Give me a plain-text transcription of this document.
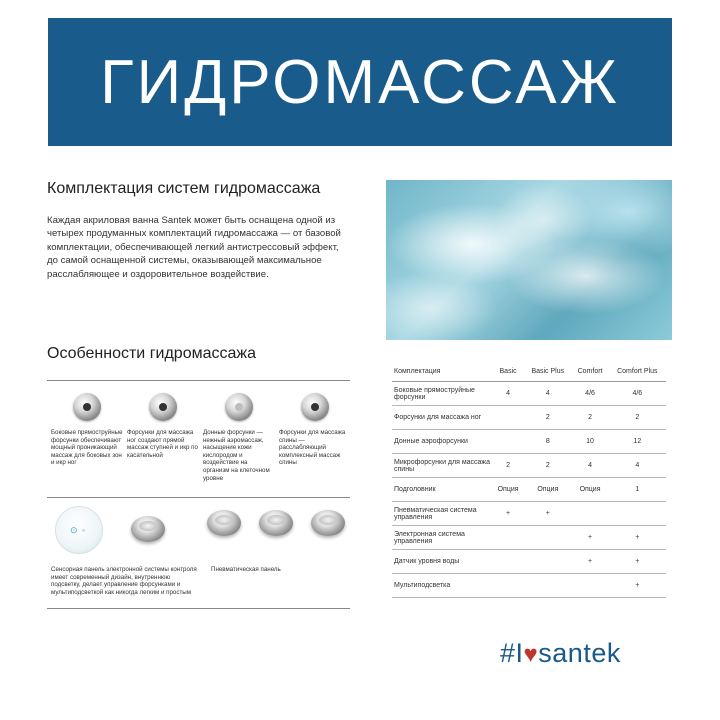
ГИДРОМАССАЖ
Комплектация систем гидромассажа

Каждая акриловая ванна Santek может быть оснащена одной из четырех продуманных комплектаций гидромассажа — от базовой комплектации, обеспечивающей легкий антистрессовый эффект, до самой оснащенной системы, оказывающей максимальное расслабляющее и оздоровительное воздействие.

Особенности гидромассажа
Боковые прямоструйные форсунки обеспечивают мощный проникающий массаж для боковых зон и икр ног
Форсунки для массажа ног создают прямой массаж ступней и икр по касательной
Донные форсунки — нежный аэромассаж, насыщение кожи кислородом и воздействие на организм на клеточном уровне
Форсунки для массажа спины — расслабляющий комплексный массаж спины
⊙ ◦
Сенсорная панель электронной системы контроля имеет современный дизайн, внутреннюю подсветку, делает управление форсунками и мультиподсветкой как никогда легким и простым
Пневматическая панель
Комплектация	Basic	Basic Plus	Comfort	Comfort Plus
Боковые прямоструйные форсунки	4	4	4/6	4/6
Форсунки для массажа ног		2	2	2
Донные аэрофорсунки		8	10	12
Микрофорсунки для массажа спины	2	2	4	4
Подголовник	Опция	Опция	Опция	1
Пневматическая система управления	+	+		
Электронная система управления			+	+
Датчик уровня воды			+	+
Мультиподсветка				+
#I♥santek
